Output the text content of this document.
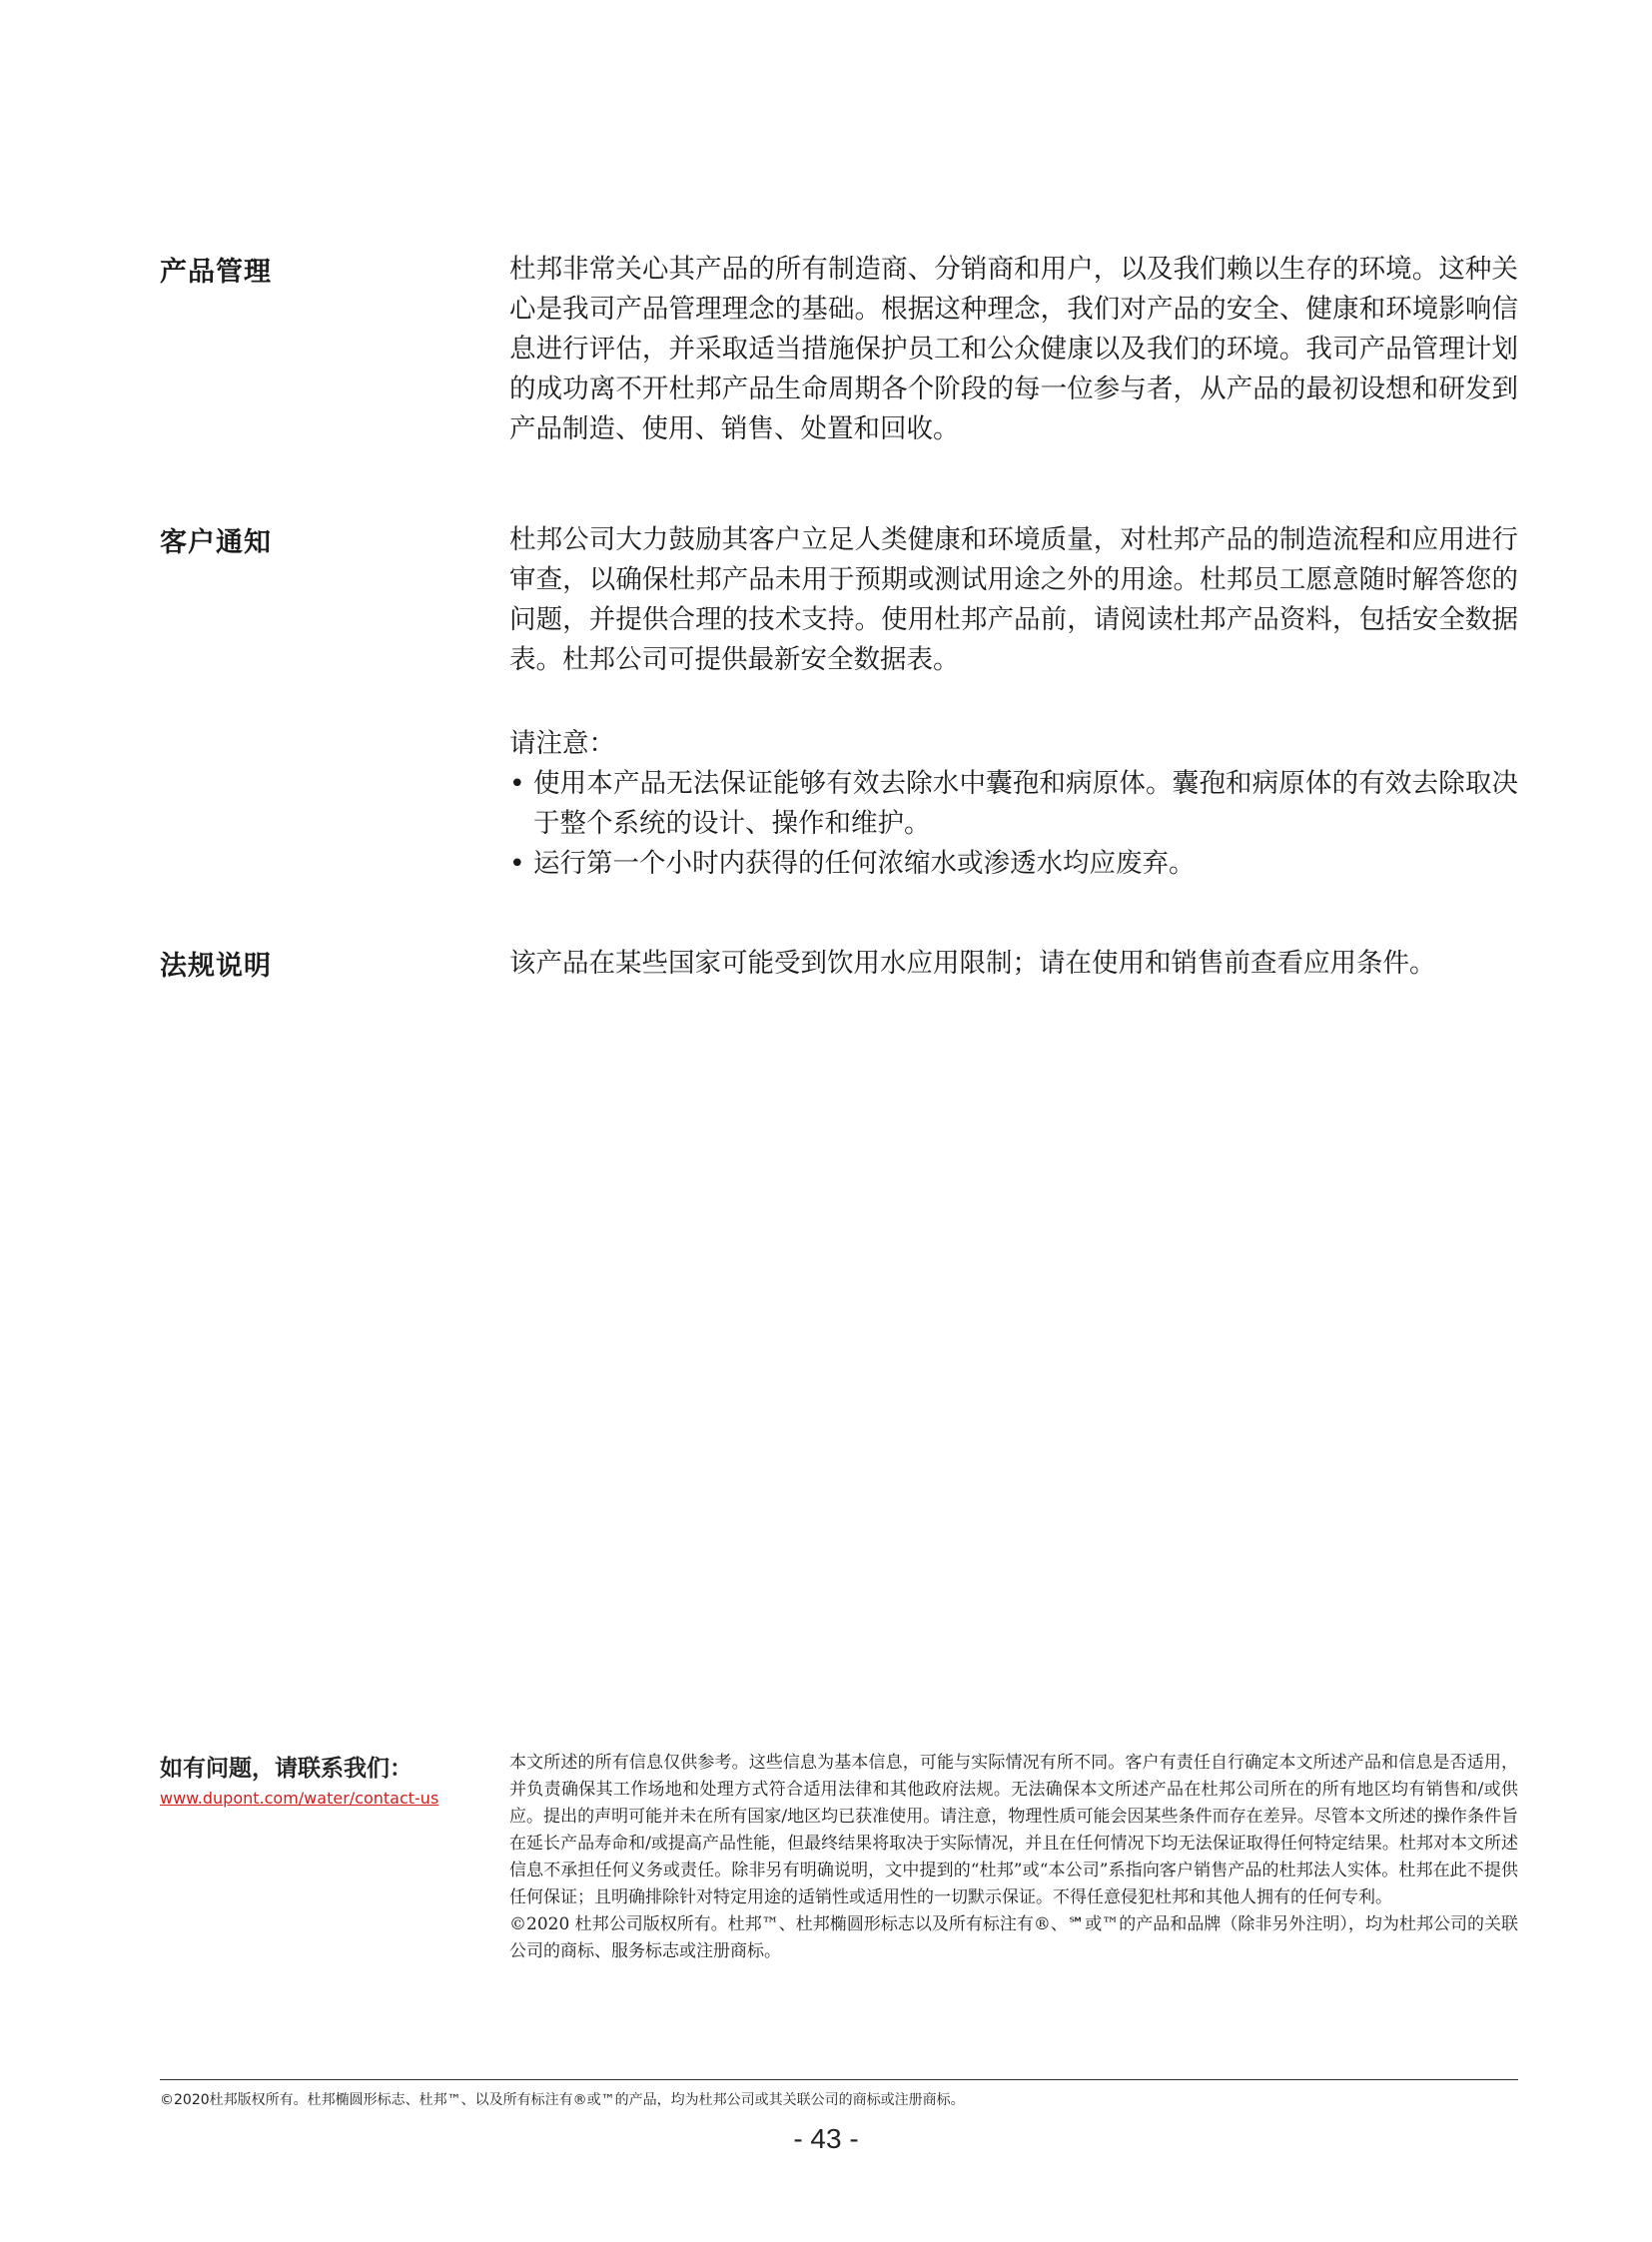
产品管理	杜邦非常关心其产品的所有制造商、分销商和用户，以及我们赖以生存的环境。这种关心是我司产品管理理念的基础。根据这种理念，我们对产品的安全、健康和环境影响信息进行评估，并采取适当措施保护员工和公众健康以及我们的环境。我司产品管理计划的成功离不开杜邦产品生命周期各个阶段的每一位参与者，从产品的最初设想和研发到产品制造、使用、销售、处置和回收。

客户通知	杜邦公司大力鼓励其客户立足人类健康和环境质量，对杜邦产品的制造流程和应用进行审查，以确保杜邦产品未用于预期或测试用途之外的用途。杜邦员工愿意随时解答您的问题，并提供合理的技术支持。使用杜邦产品前，请阅读杜邦产品资料，包括安全数据表。杜邦公司可提供最新安全数据表。

请注意：

• 使用本产品无法保证能够有效去除水中囊孢和病原体。囊孢和病原体的有效去除取决于整个系统的设计、操作和维护。
• 运行第一个小时内获得的任何浓缩水或渗透水均应废弃。
法规说明	该产品在某些国家可能受到饮用水应用限制；请在使用和销售前查看应用条件。

如有问题，请联系我们：
www.dupont.com/water/contact-us

本文所述的所有信息仅供参考。这些信息为基本信息，可能与实际情况有所不同。客户有责任自行确定本文所述产品和信息是否适用，并负责确保其工作场地和处理方式符合适用法律和其他政府法规。无法确保本文所述产品在杜邦公司所在的所有地区均有销售和/或供应。提出的声明可能并未在所有国家/地区均已获准使用。请注意，物理性质可能会因某些条件而存在差异。尽管本文所述的操作条件旨在延长产品寿命和/或提高产品性能，但最终结果将取决于实际情况，并且在任何情况下均无法保证取得任何特定结果。杜邦对本文所述信息不承担任何义务或责任。除非另有明确说明，文中提到的“杜邦”或“本公司”系指向客户销售产品的杜邦法人实体。杜邦在此不提供任何保证；且明确排除针对特定用途的适销性或适用性的一切默示保证。不得任意侵犯杜邦和其他人拥有的任何专利。

©2020 杜邦公司版权所有。杜邦™、杜邦椭圆形标志以及所有标注有®、℠或™的产品和品牌（除非另外注明），均为杜邦公司的关联公司的商标、服务标志或注册商标。

©2020杜邦版权所有。杜邦椭圆形标志、杜邦™、以及所有标注有®或™的产品，均为杜邦公司或其关联公司的商标或注册商标。
- 43 -
